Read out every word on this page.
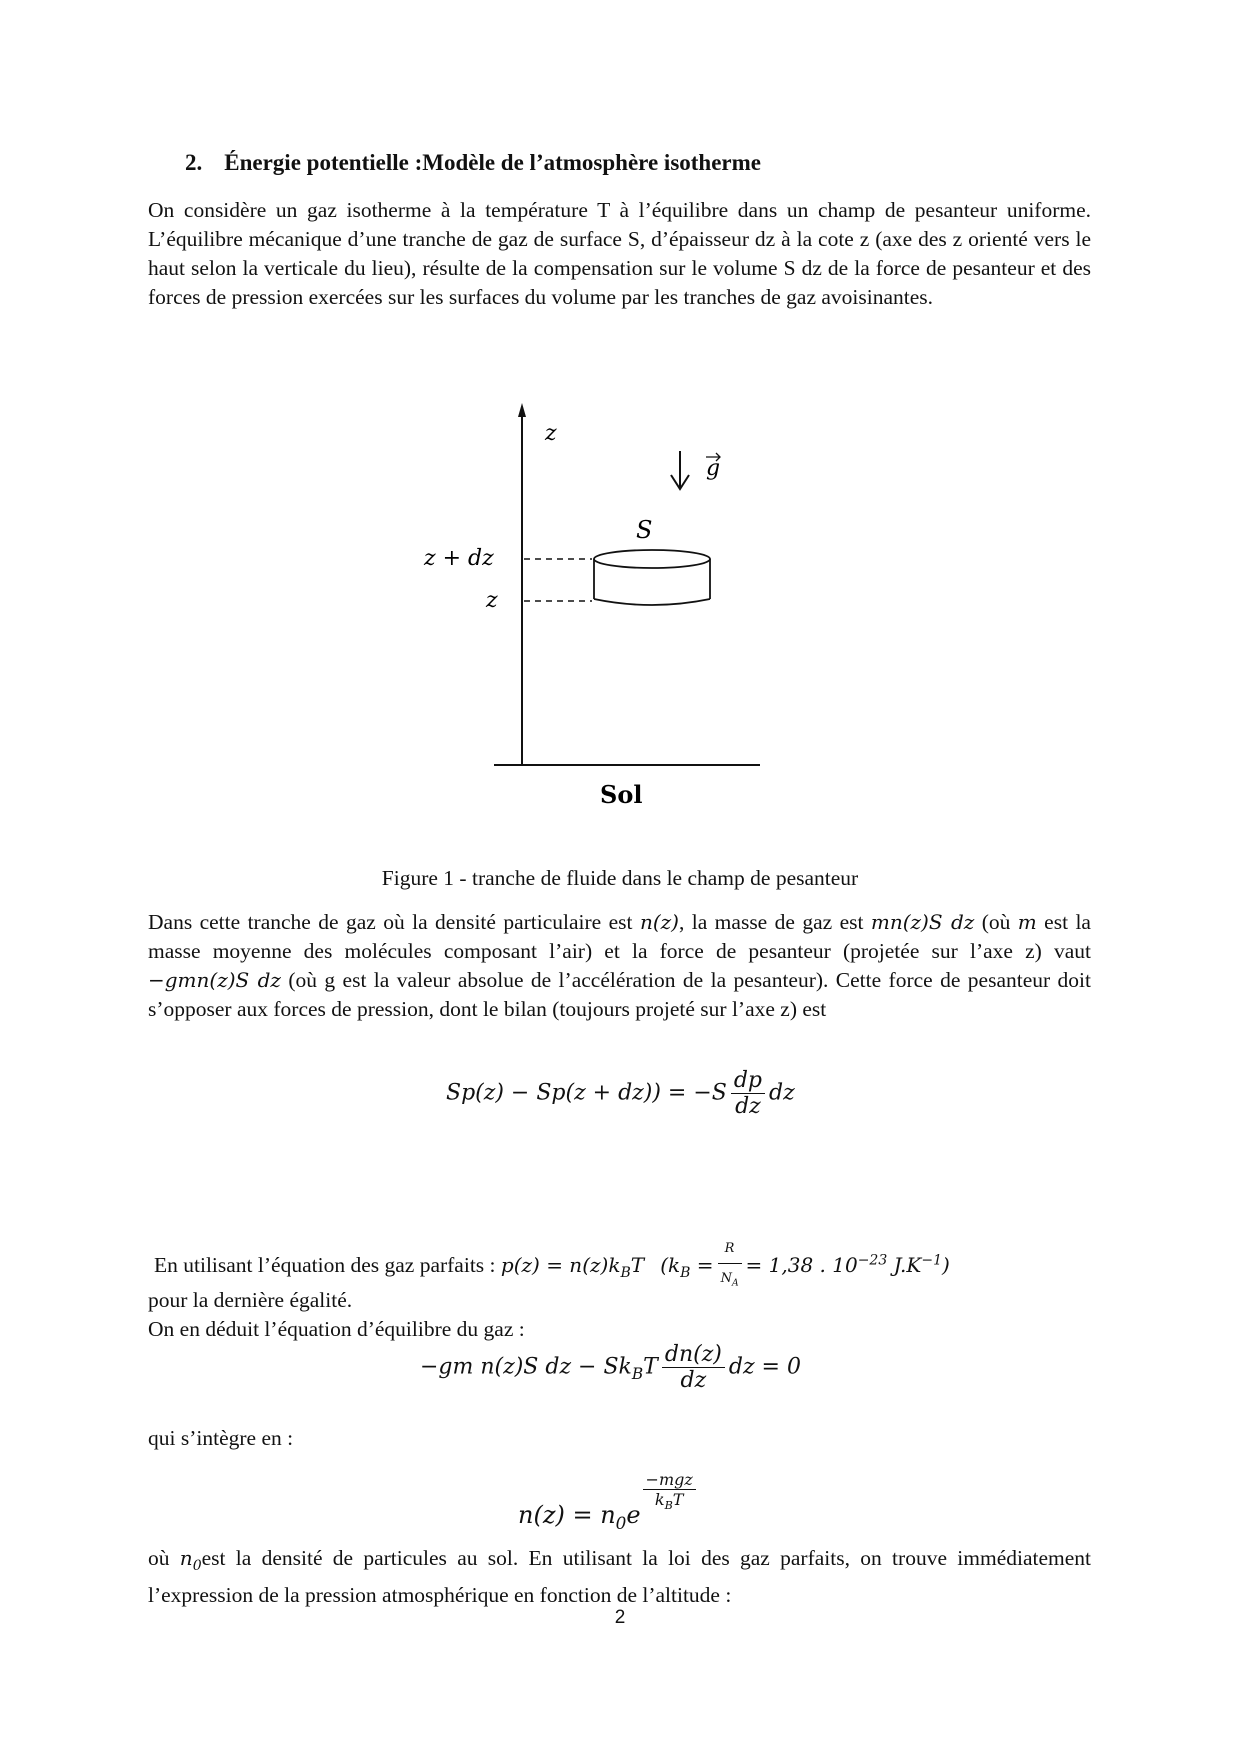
2. Énergie potentielle :Modèle de l’atmosphère isotherme
On considère un gaz isotherme à la température T à l’équilibre dans un champ de pesanteur uniforme. L’équilibre mécanique d’une tranche de gaz de surface S, d’épaisseur dz à la cote z (axe des z orienté vers le haut selon la verticale du lieu), résulte de la compensation sur le volume S dz de la force de pesanteur et des forces de pression exercées sur les surfaces du volume par les tranches de gaz avoisinantes.
z
Sol
z + dz
z
S
g
Figure 1 - tranche de fluide dans le champ de pesanteur
Dans cette tranche de gaz où la densité particulaire est n(z), la masse de gaz est mn(z)S dz (où m est la masse moyenne des molécules composant l’air) et la force de pesanteur (projetée sur l’axe z) vaut −gmn(z)S dz (où g est la valeur absolue de l’accélération de la pesanteur). Cette force de pesanteur doit s’opposer aux forces de pression, dont le bilan (toujours projeté sur l’axe z) est
$Sp(z) - Sp(z + dz)) = -S \frac{dp}{dz}$ dz
En utilisant l’équation des gaz parfaits : $p(z) = n(z)k_BT$ ($k_B = \frac{R}{N_A} = 1,38$ . $10^{-23}$ $J.K^{-1}$)
pour la dernière égalité.
On en déduit l’équation d’équilibre du gaz :
−gm n(z)S dz − $Sk_BT \frac{dn(z)}{dz}$ dz = 0
qui s’intègre en :
$n(z) = n_0e$
$\frac{\text{−mgz}}{k_BT}$
où $n_0est$ la densité de particules au sol. En utilisant la loi des gaz parfaits, on trouve immédiatement l’expression de la pression atmosphérique en fonction de l’altitude :
2
